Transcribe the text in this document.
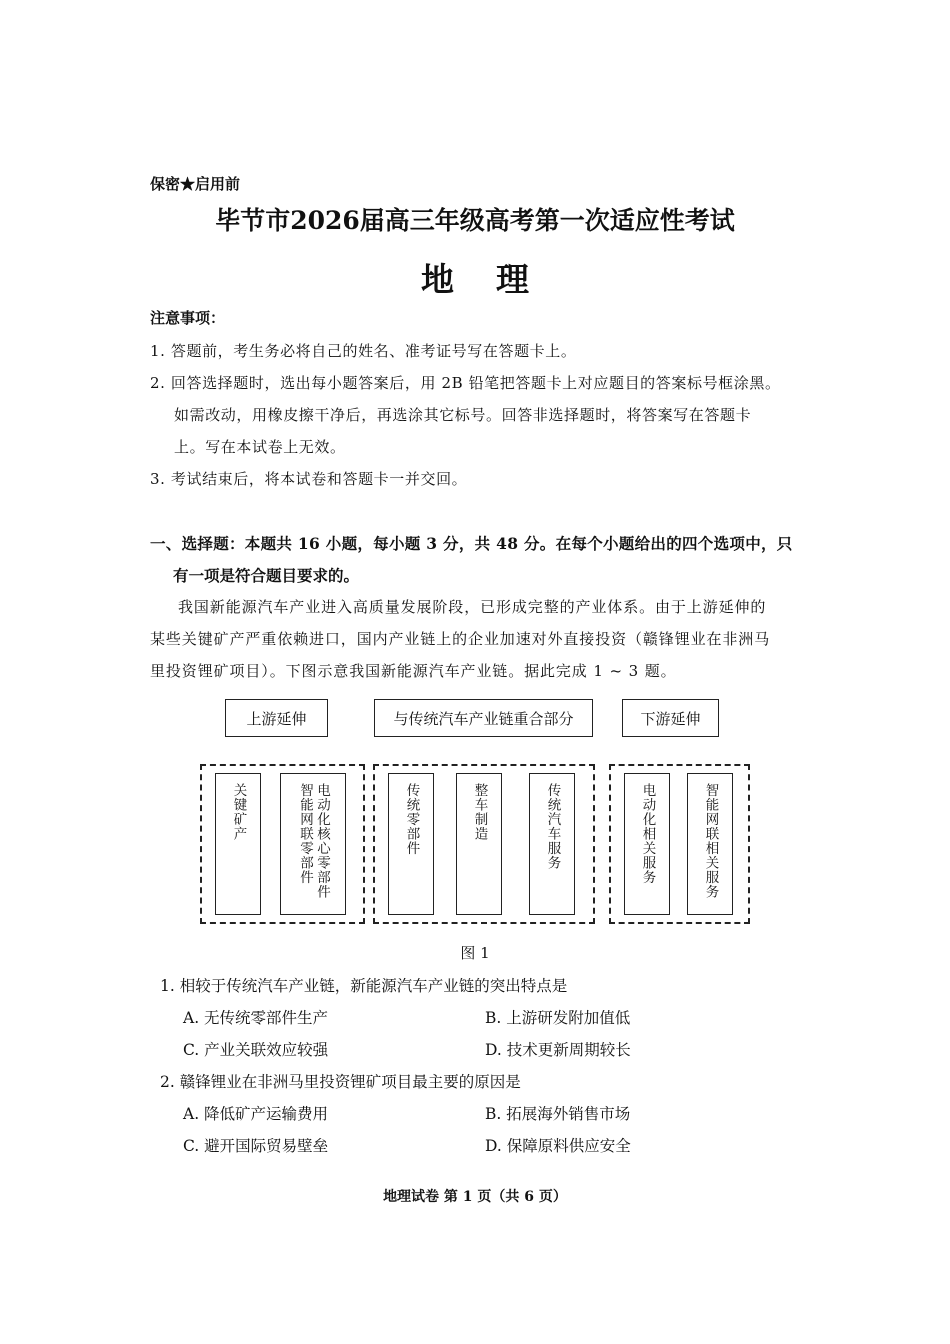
保密★启用前
毕节市2026届高三年级高考第一次适应性考试
地理
注意事项：
1. 答题前，考生务必将自己的姓名、准考证号写在答题卡上。
2. 回答选择题时，选出每小题答案后，用 2B 铅笔把答题卡上对应题目的答案标号框涂黑。
如需改动，用橡皮擦干净后，再选涂其它标号。回答非选择题时，将答案写在答题卡
上。写在本试卷上无效。
3. 考试结束后，将本试卷和答题卡一并交回。
一、选择题：本题共 16 小题，每小题 3 分，共 48 分。在每个小题给出的四个选项中，只
有一项是符合题目要求的。
我国新能源汽车产业进入高质量发展阶段，已形成完整的产业体系。由于上游延伸的
某些关键矿产严重依赖进口，国内产业链上的企业加速对外直接投资（赣锋锂业在非洲马
里投资锂矿项目）。下图示意我国新能源汽车产业链。据此完成 1 ~ 3 题。
上游延伸	与传统汽车产业链重合部分	下游延伸
关键矿产	智能网联零部件 电动化核心零部件	传统零部件	整车制造	传统汽车服务	电动化相关服务	智能网联相关服务
图 1
1. 相较于传统汽车产业链，新能源汽车产业链的突出特点是
A. 无传统零部件生产	B. 上游研发附加值低
C. 产业关联效应较强	D. 技术更新周期较长
2. 赣锋锂业在非洲马里投资锂矿项目最主要的原因是
A. 降低矿产运输费用	B. 拓展海外销售市场
C. 避开国际贸易壁垒	D. 保障原料供应安全
地理试卷 第 1 页（共 6 页）
